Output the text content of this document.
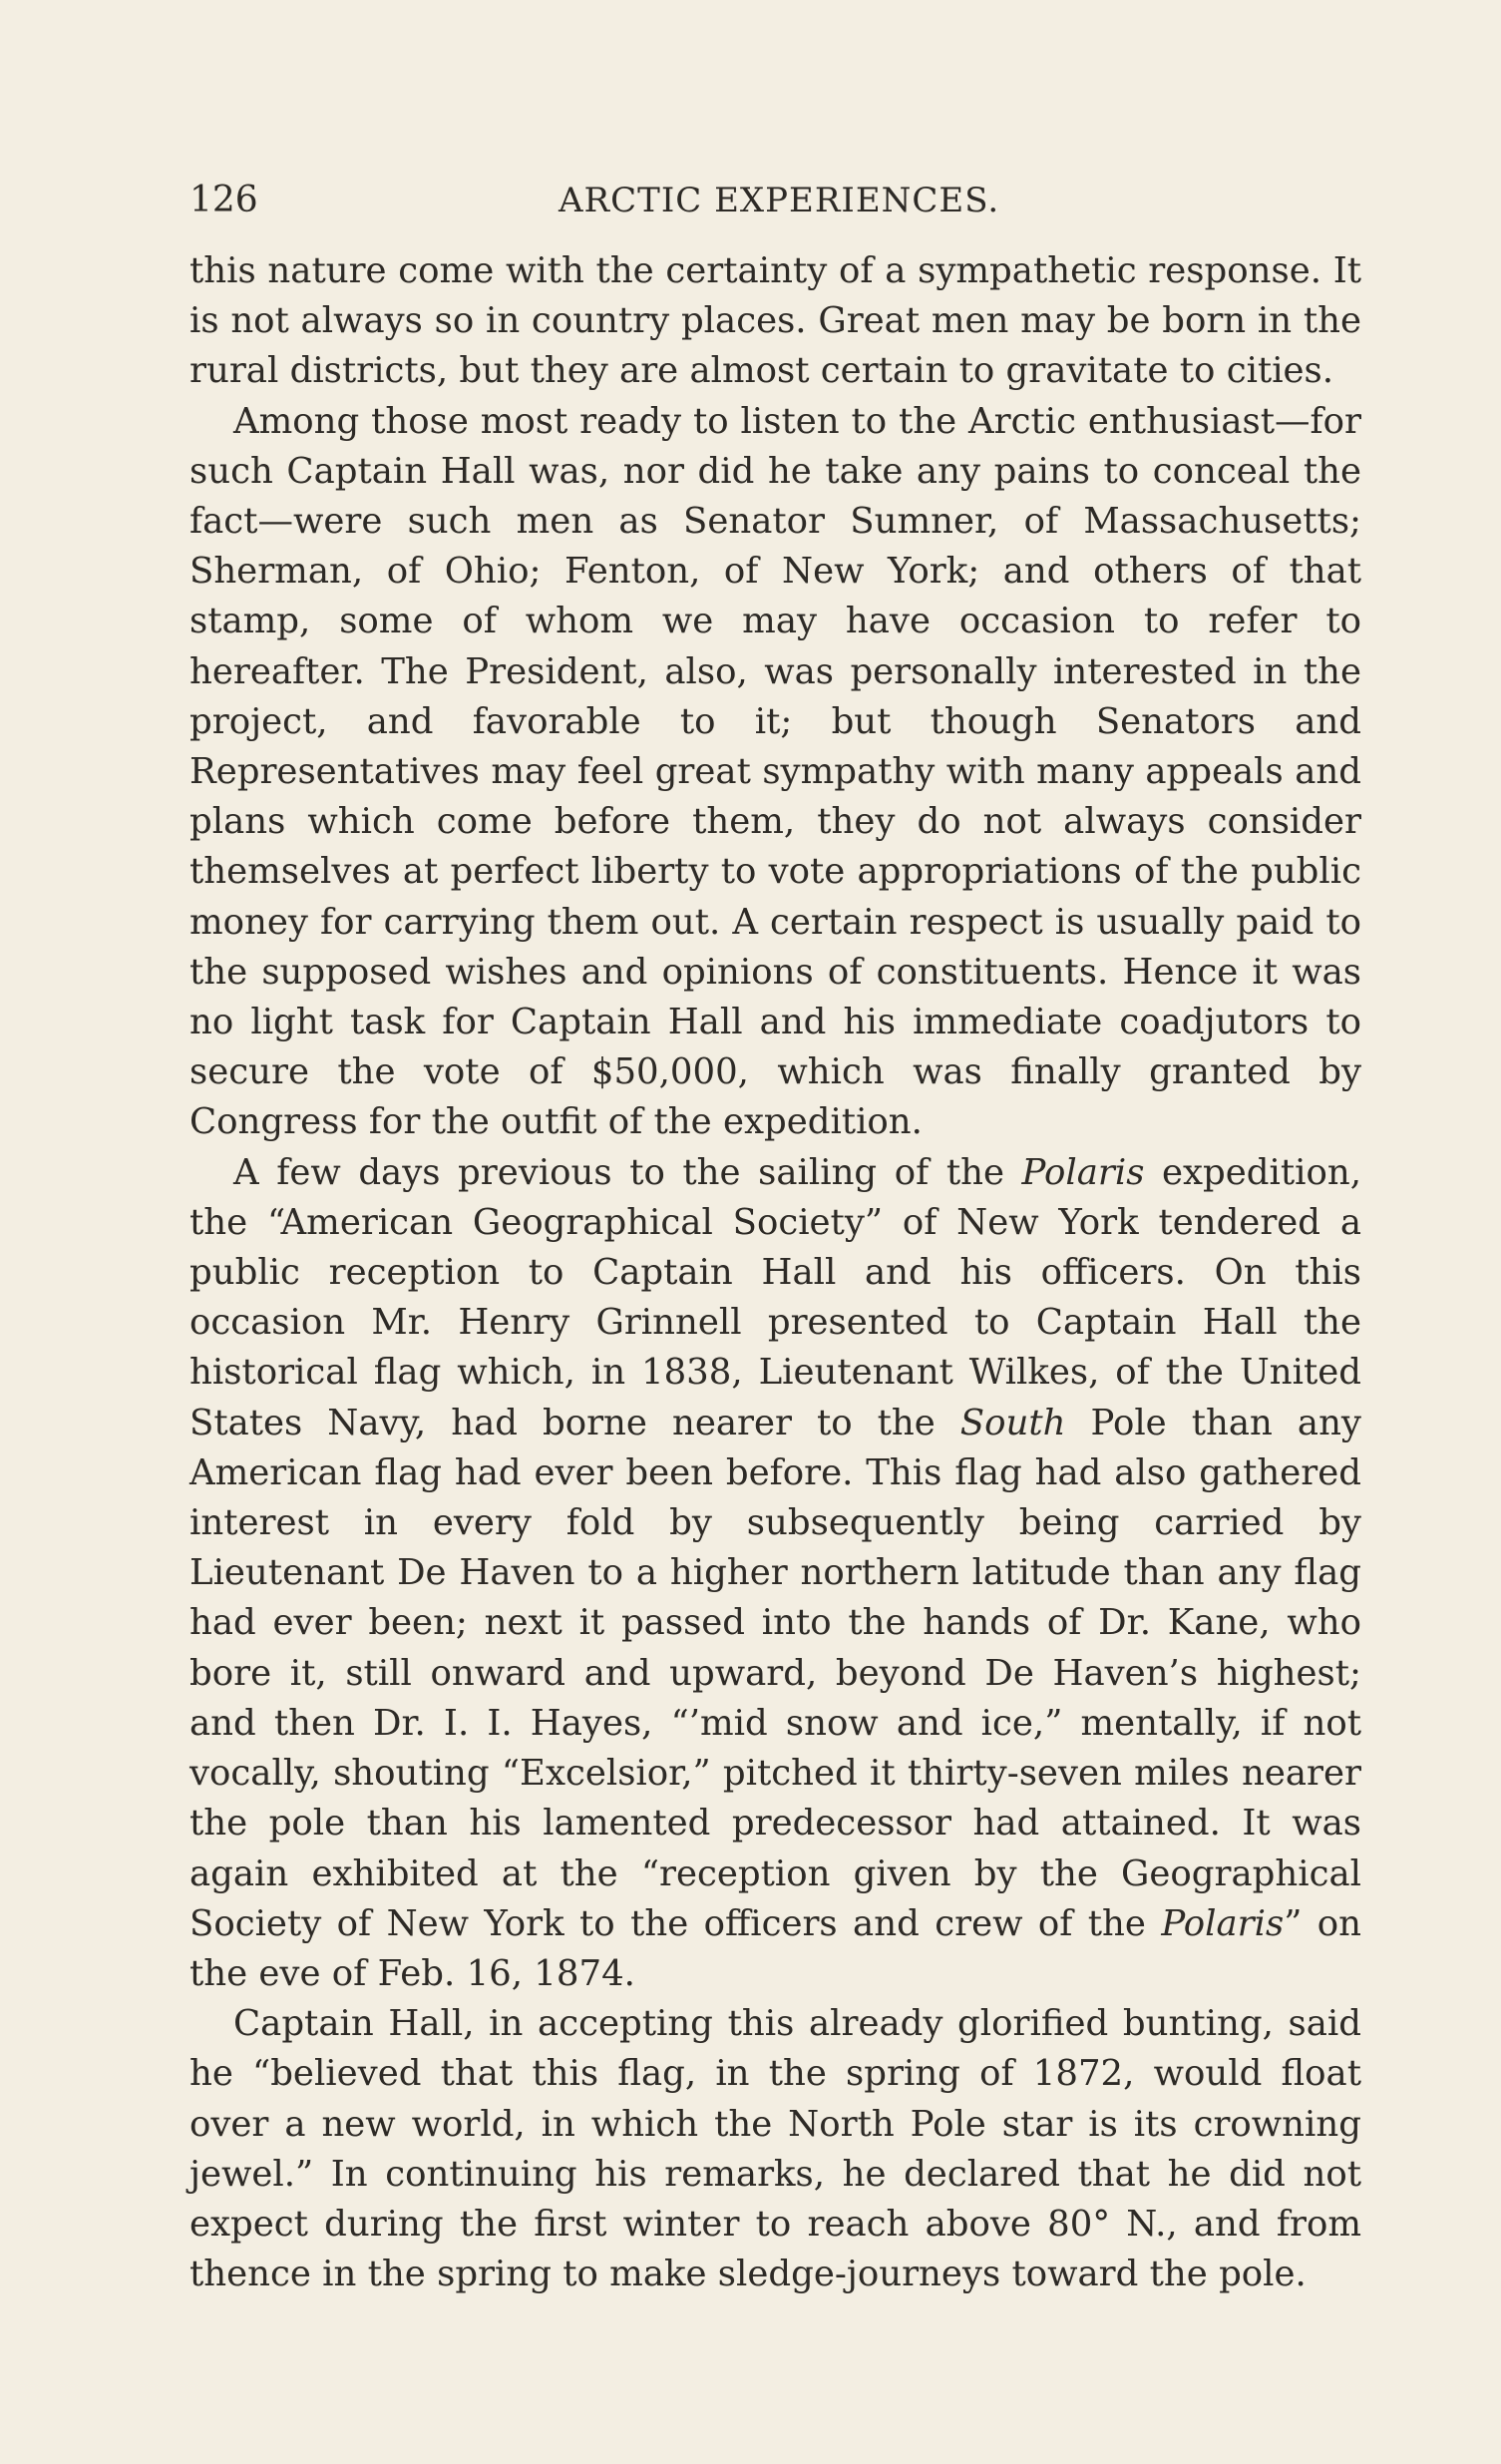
126	ARCTIC EXPERIENCES.

this nature come with the certainty of a sympathetic response. It is not always so in country places. Great men may be born in the rural districts, but they are almost certain to gravitate to cities.

Among those most ready to listen to the Arctic enthusiast—for such Captain Hall was, nor did he take any pains to conceal the fact—were such men as Senator Sumner, of Massachusetts; Sherman, of Ohio; Fenton, of New York; and others of that stamp, some of whom we may have occasion to refer to hereafter. The President, also, was personally interested in the project, and favorable to it; but though Senators and Representatives may feel great sympathy with many appeals and plans which come before them, they do not always consider themselves at perfect liberty to vote appropriations of the public money for carrying them out. A certain respect is usually paid to the supposed wishes and opinions of constituents. Hence it was no light task for Captain Hall and his immediate coadjutors to secure the vote of $50,000, which was finally granted by Congress for the outfit of the expedition.

A few days previous to the sailing of the Polaris expedition, the “American Geographical Society” of New York tendered a public reception to Captain Hall and his officers. On this occasion Mr. Henry Grinnell presented to Captain Hall the historical flag which, in 1838, Lieutenant Wilkes, of the United States Navy, had borne nearer to the South Pole than any American flag had ever been before. This flag had also gathered interest in every fold by subsequently being carried by Lieutenant De Haven to a higher northern latitude than any flag had ever been; next it passed into the hands of Dr. Kane, who bore it, still onward and upward, beyond De Haven’s highest; and then Dr. I. I. Hayes, “’mid snow and ice,” mentally, if not vocally, shouting “Excelsior,” pitched it thirty-seven miles nearer the pole than his lamented predecessor had attained. It was again exhibited at the “reception given by the Geographical Society of New York to the officers and crew of the Polaris” on the eve of Feb. 16, 1874.

Captain Hall, in accepting this already glorified bunting, said he “believed that this flag, in the spring of 1872, would float over a new world, in which the North Pole star is its crowning jewel.” In continuing his remarks, he declared that he did not expect during the first winter to reach above 80° N., and from thence in the spring to make sledge-journeys toward the pole.
